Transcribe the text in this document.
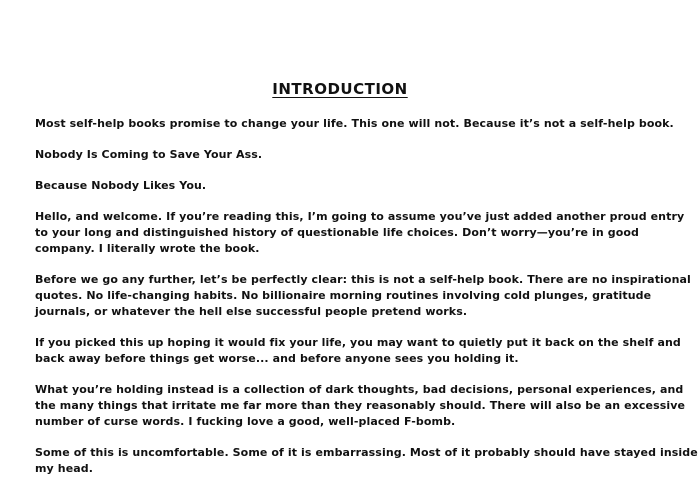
INTRODUCTION

Most self-help books promise to change your life. This one will not. Because it’s not a self-help book.

Nobody Is Coming to Save Your Ass.

Because Nobody Likes You.

Hello, and welcome. If you’re reading this, I’m going to assume you’ve just added another proud entry
to your long and distinguished history of questionable life choices. Don’t worry—you’re in good
company. I literally wrote the book.

Before we go any further, let’s be perfectly clear: this is not a self-help book. There are no inspirational
quotes. No life-changing habits. No billionaire morning routines involving cold plunges, gratitude
journals, or whatever the hell else successful people pretend works.

If you picked this up hoping it would fix your life, you may want to quietly put it back on the shelf and
back away before things get worse... and before anyone sees you holding it.

What you’re holding instead is a collection of dark thoughts, bad decisions, personal experiences, and
the many things that irritate me far more than they reasonably should. There will also be an excessive
number of curse words. I fucking love a good, well-placed F-bomb.

Some of this is uncomfortable. Some of it is embarrassing. Most of it probably should have stayed inside
my head.
